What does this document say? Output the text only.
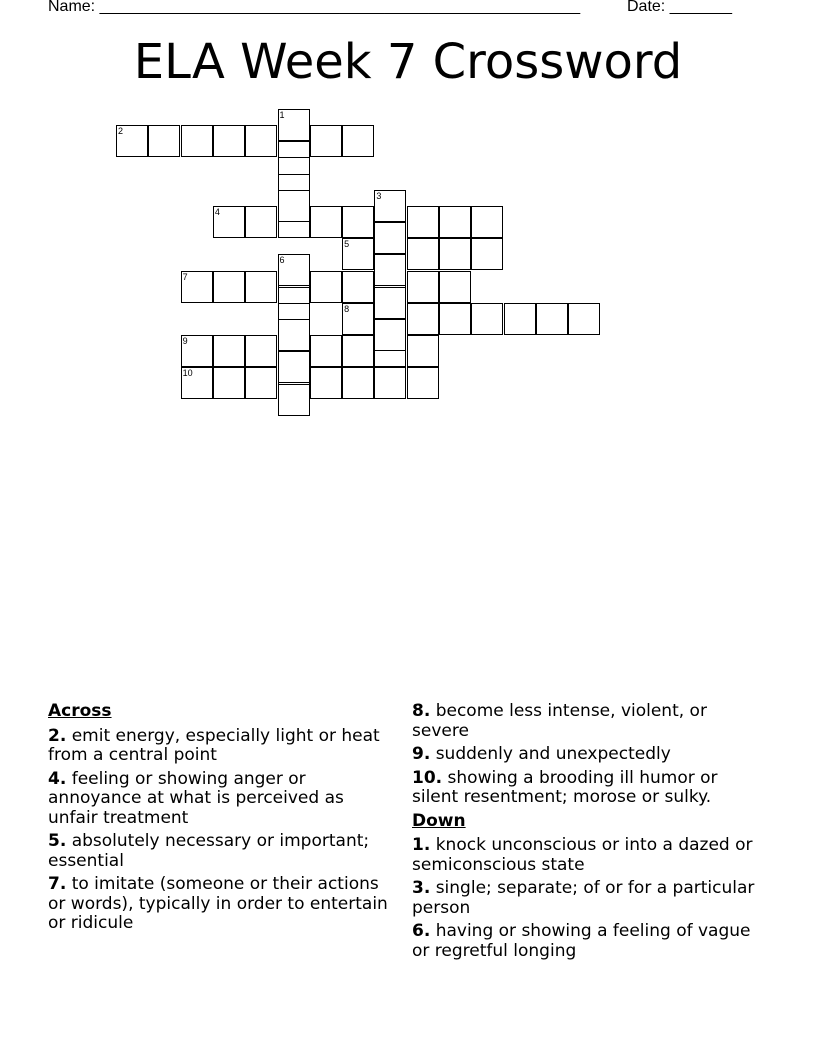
Name: ______________________________________________________	Date: _______
ELA Week 7 Crossword
2
4
5
7
8
9
10
1
3
6
Across
2. emit energy, especially light or heat from a central point
4. feeling or showing anger or annoyance at what is perceived as unfair treatment
5. absolutely necessary or important; essential
7. to imitate (someone or their actions or words), typically in order to entertain or ridicule
8. become less intense, violent, or severe
9. suddenly and unexpectedly
10. showing a brooding ill humor or silent resentment; morose or sulky.
Down
1. knock unconscious or into a dazed or semiconscious state
3. single; separate; of or for a particular person
6. having or showing a feeling of vague or regretful longing
